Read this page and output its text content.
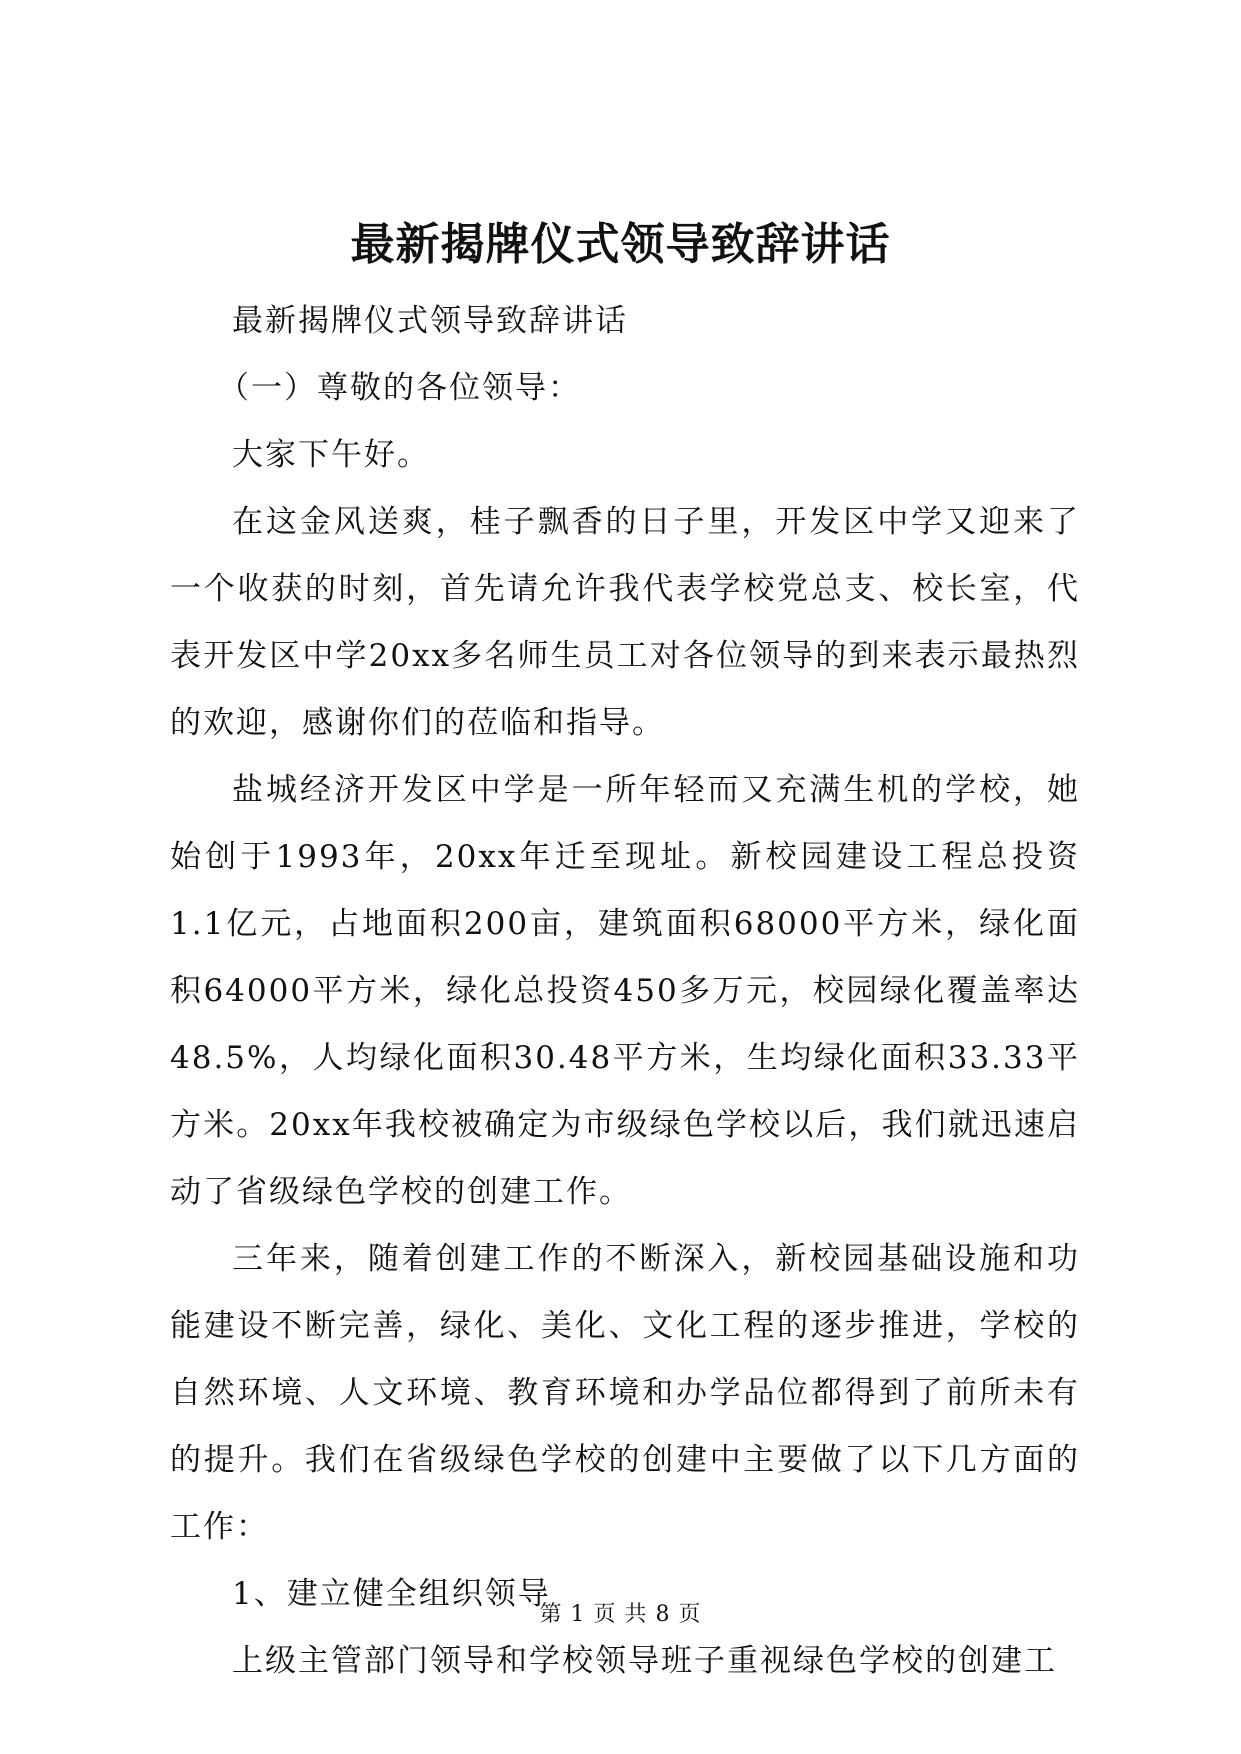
最新揭牌仪式领导致辞讲话

最新揭牌仪式领导致辞讲话

（一）尊敬的各位领导：

大家下午好。

在这金风送爽，桂子飘香的日子里，开发区中学又迎来了一个收获的时刻，首先请允许我代表学校党总支、校长室，代表开发区中学20xx多名师生员工对各位领导的到来表示最热烈的欢迎，感谢你们的莅临和指导。

盐城经济开发区中学是一所年轻而又充满生机的学校，她始创于1993年，20xx年迁至现址。新校园建设工程总投资1.1亿元，占地面积200亩，建筑面积68000平方米，绿化面积64000平方米，绿化总投资450多万元，校园绿化覆盖率达48.5%，人均绿化面积30.48平方米，生均绿化面积33.33平方米。20xx年我校被确定为市级绿色学校以后，我们就迅速启动了省级绿色学校的创建工作。

三年来，随着创建工作的不断深入，新校园基础设施和功能建设不断完善，绿化、美化、文化工程的逐步推进，学校的自然环境、人文环境、教育环境和办学品位都得到了前所未有的提升。我们在省级绿色学校的创建中主要做了以下几方面的工作：

1、建立健全组织领导

上级主管部门领导和学校领导班子重视绿色学校的创建工

第 1 页 共 8 页
